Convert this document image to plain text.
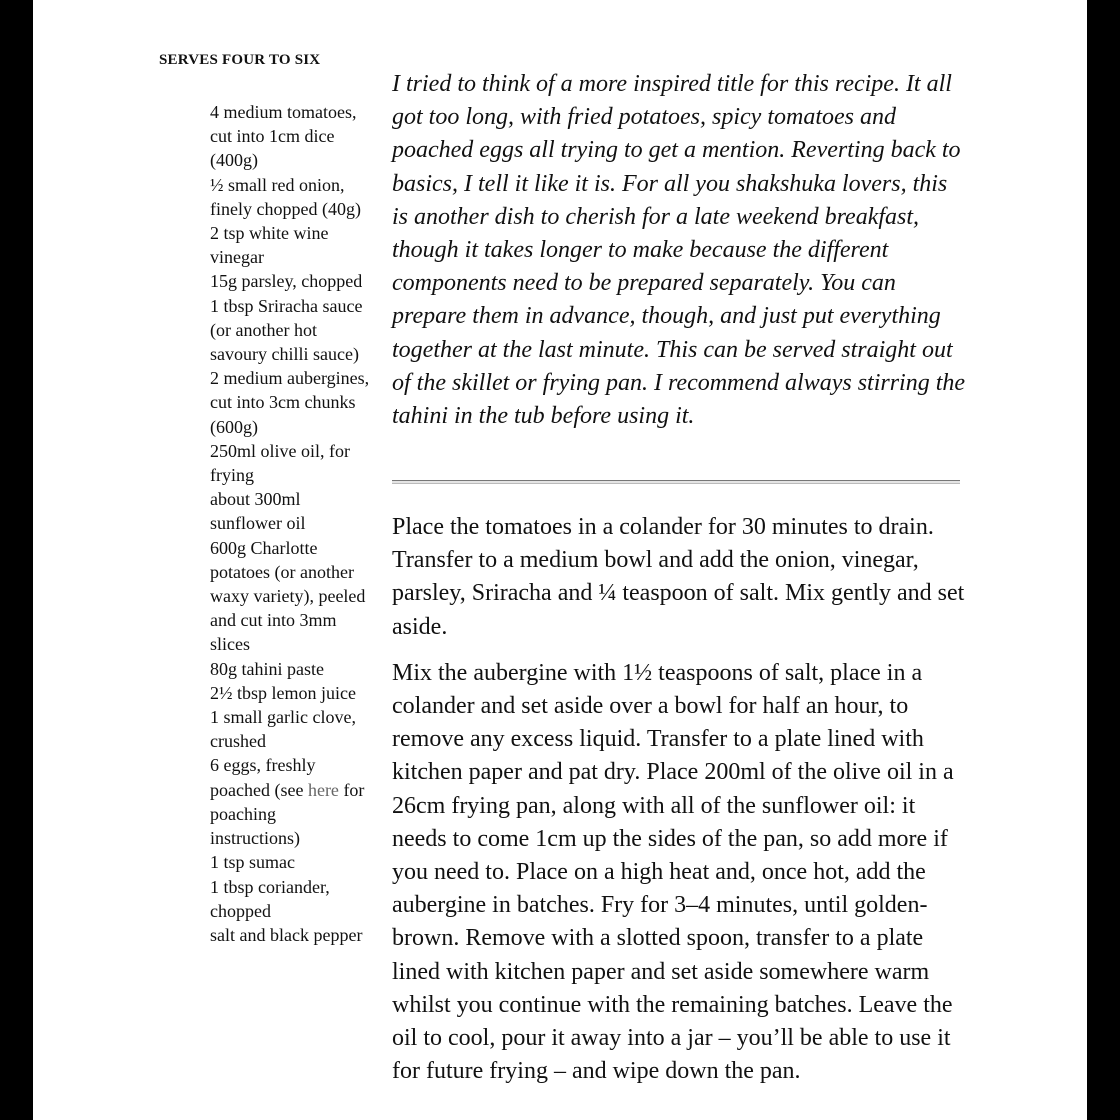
SERVES FOUR TO SIX
4 medium tomatoes, cut into 1cm dice (400g)
½ small red onion, finely chopped (40g)
2 tsp white wine vinegar
15g parsley, chopped
1 tbsp Sriracha sauce (or another hot savoury chilli sauce)
2 medium aubergines, cut into 3cm chunks (600g)
250ml olive oil, for frying
about 300ml sunflower oil
600g Charlotte potatoes (or another waxy variety), peeled and cut into 3mm slices
80g tahini paste
2½ tbsp lemon juice
1 small garlic clove, crushed
6 eggs, freshly poached (see here for poaching instructions)
1 tsp sumac
1 tbsp coriander, chopped
salt and black pepper

I tried to think of a more inspired title for this recipe. It all got too long, with fried potatoes, spicy tomatoes and poached eggs all trying to get a mention. Reverting back to basics, I tell it like it is. For all you shakshuka lovers, this is another dish to cherish for a late weekend breakfast, though it takes longer to make because the different components need to be prepared separately. You can prepare them in advance, though, and just put everything together at the last minute. This can be served straight out of the skillet or frying pan. I recommend always stirring the tahini in the tub before using it.

Place the tomatoes in a colander for 30 minutes to drain. Transfer to a medium bowl and add the onion, vinegar, parsley, Sriracha and ¼ teaspoon of salt. Mix gently and set aside.

Mix the aubergine with 1½ teaspoons of salt, place in a colander and set aside over a bowl for half an hour, to remove any excess liquid. Transfer to a plate lined with kitchen paper and pat dry. Place 200ml of the olive oil in a 26cm frying pan, along with all of the sunflower oil: it needs to come 1cm up the sides of the pan, so add more if you need to. Place on a high heat and, once hot, add the aubergine in batches. Fry for 3–4 minutes, until golden-brown. Remove with a slotted spoon, transfer to a plate lined with kitchen paper and set aside somewhere warm whilst you continue with the remaining batches. Leave the oil to cool, pour it away into a jar – you’ll be able to use it for future frying – and wipe down the pan.
